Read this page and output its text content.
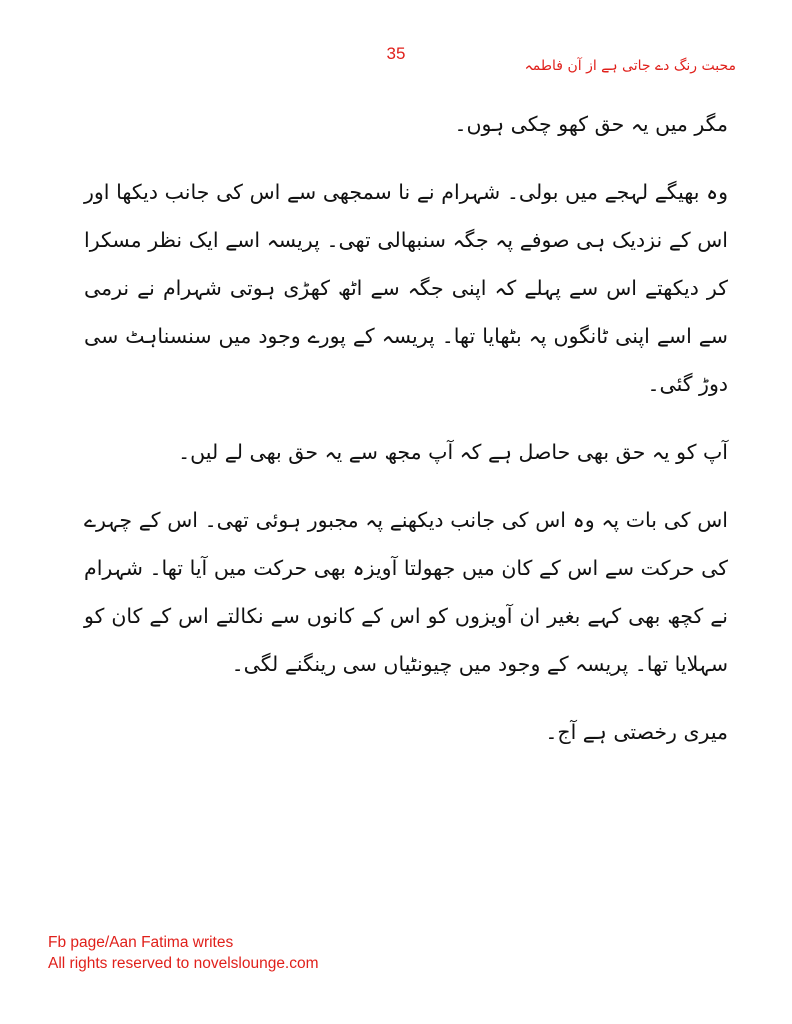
35
محبت رنگ دے جاتی ہے از آن فاطمہ

مگر میں یہ حق کھو چکی ہوں۔

وہ بھیگے لہجے میں بولی۔ شہرام نے نا سمجھی سے اس کی جانب دیکھا اور اس کے نزدیک ہی صوفے پہ جگہ سنبھالی تھی۔ پریسہ اسے ایک نظر مسکرا کر دیکھتے اس سے پہلے کہ اپنی جگہ سے اٹھ کھڑی ہوتی شہرام نے نرمی سے اسے اپنی ٹانگوں پہ بٹھایا تھا۔ پریسہ کے پورے وجود میں سنسناہٹ سی دوڑ گئی۔

آپ کو یہ حق بھی حاصل ہے کہ آپ مجھ سے یہ حق بھی لے لیں۔

اس کی بات پہ وہ اس کی جانب دیکھنے پہ مجبور ہوئی تھی۔ اس کے چہرے کی حرکت سے اس کے کان میں جھولتا آویزہ بھی حرکت میں آیا تھا۔ شہرام نے کچھ بھی کہے بغیر ان آویزوں کو اس کے کانوں سے نکالتے اس کے کان کو سہلایا تھا۔ پریسہ کے وجود میں چیونٹیاں سی رینگنے لگی۔

میری رخصتی ہے آج۔

Fb page/Aan Fatima writes
All rights reserved to novelslounge.com
